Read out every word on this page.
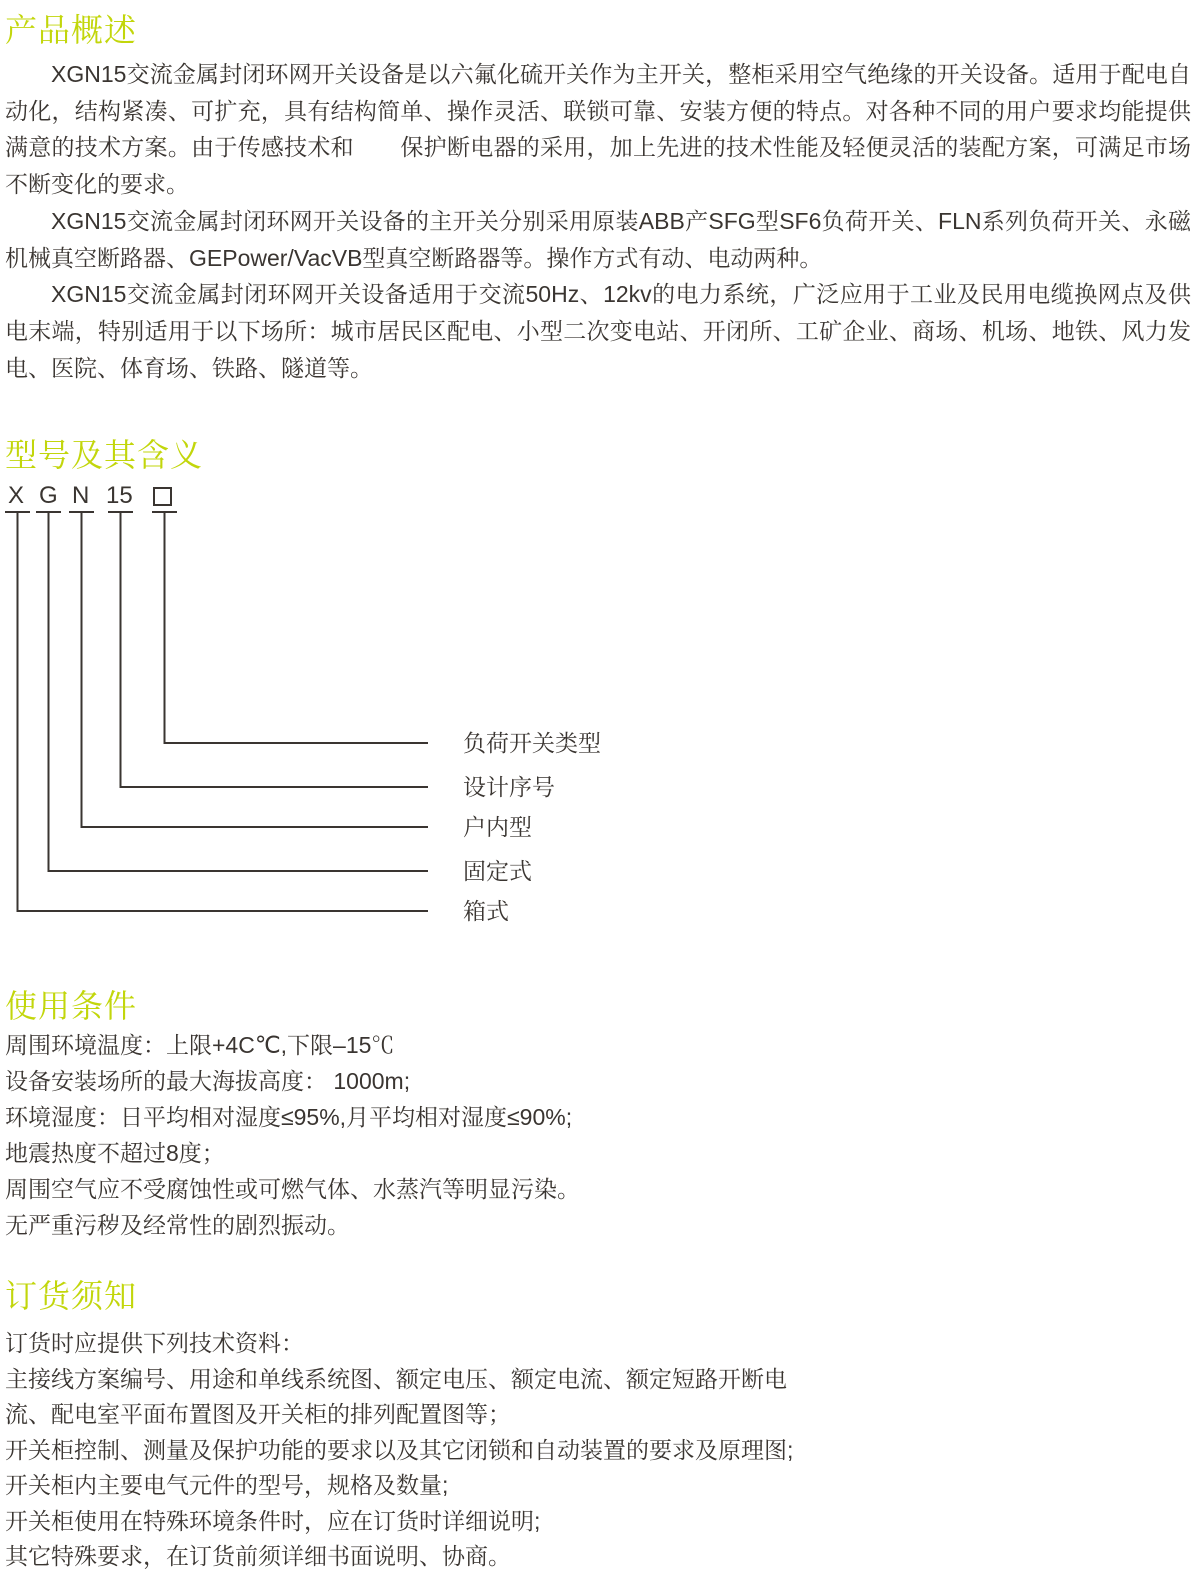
产品概述

XGN15交流金属封闭环网开关设备是以六氟化硫开关作为主开关，整柜采用空气绝缘的开关设备。适用于配电自动化，结构紧凑、可扩充，具有结构简单、操作灵活、联锁可靠、安装方便的特点。对各种不同的用户要求均能提供满意的技术方案。由于传感技术和　　保护断电器的采用，加上先进的技术性能及轻便灵活的装配方案，可满足市场不断变化的要求。

XGN15交流金属封闭环网开关设备的主开关分别采用原装ABB产SFG型SF6负荷开关、FLN系列负荷开关、永磁机械真空断路器、GEPower/VacVB型真空断路器等。操作方式有动、电动两种。

XGN15交流金属封闭环网开关设备适用于交流50Hz、12kv的电力系统，广泛应用于工业及民用电缆换网点及供电末端，特别适用于以下场所：城市居民区配电、小型二次变电站、开闭所、工矿企业、商场、机场、地铁、风力发电、医院、体育场、铁路、隧道等。

型号及其含义
X G N 15
负荷开关类型
设计序号
户内型
固定式
箱式
使用条件
周围环境温度：上限+4C℃,下限–15℃
设备安装场所的最大海拔高度： 1000m;
环境湿度：日平均相对湿度≤95%,月平均相对湿度≤90%;
地震热度不超过8度；
周围空气应不受腐蚀性或可燃气体、水蒸汽等明显污染。
无严重污秽及经常性的剧烈振动。
订货须知
订货时应提供下列技术资料：
主接线方案编号、用途和单线系统图、额定电压、额定电流、额定短路开断电
流、配电室平面布置图及开关柜的排列配置图等；
开关柜控制、测量及保护功能的要求以及其它闭锁和自动装置的要求及原理图;
开关柜内主要电气元件的型号，规格及数量;
开关柜使用在特殊环境条件时，应在订货时详细说明;
其它特殊要求，在订货前须详细书面说明、协商。
